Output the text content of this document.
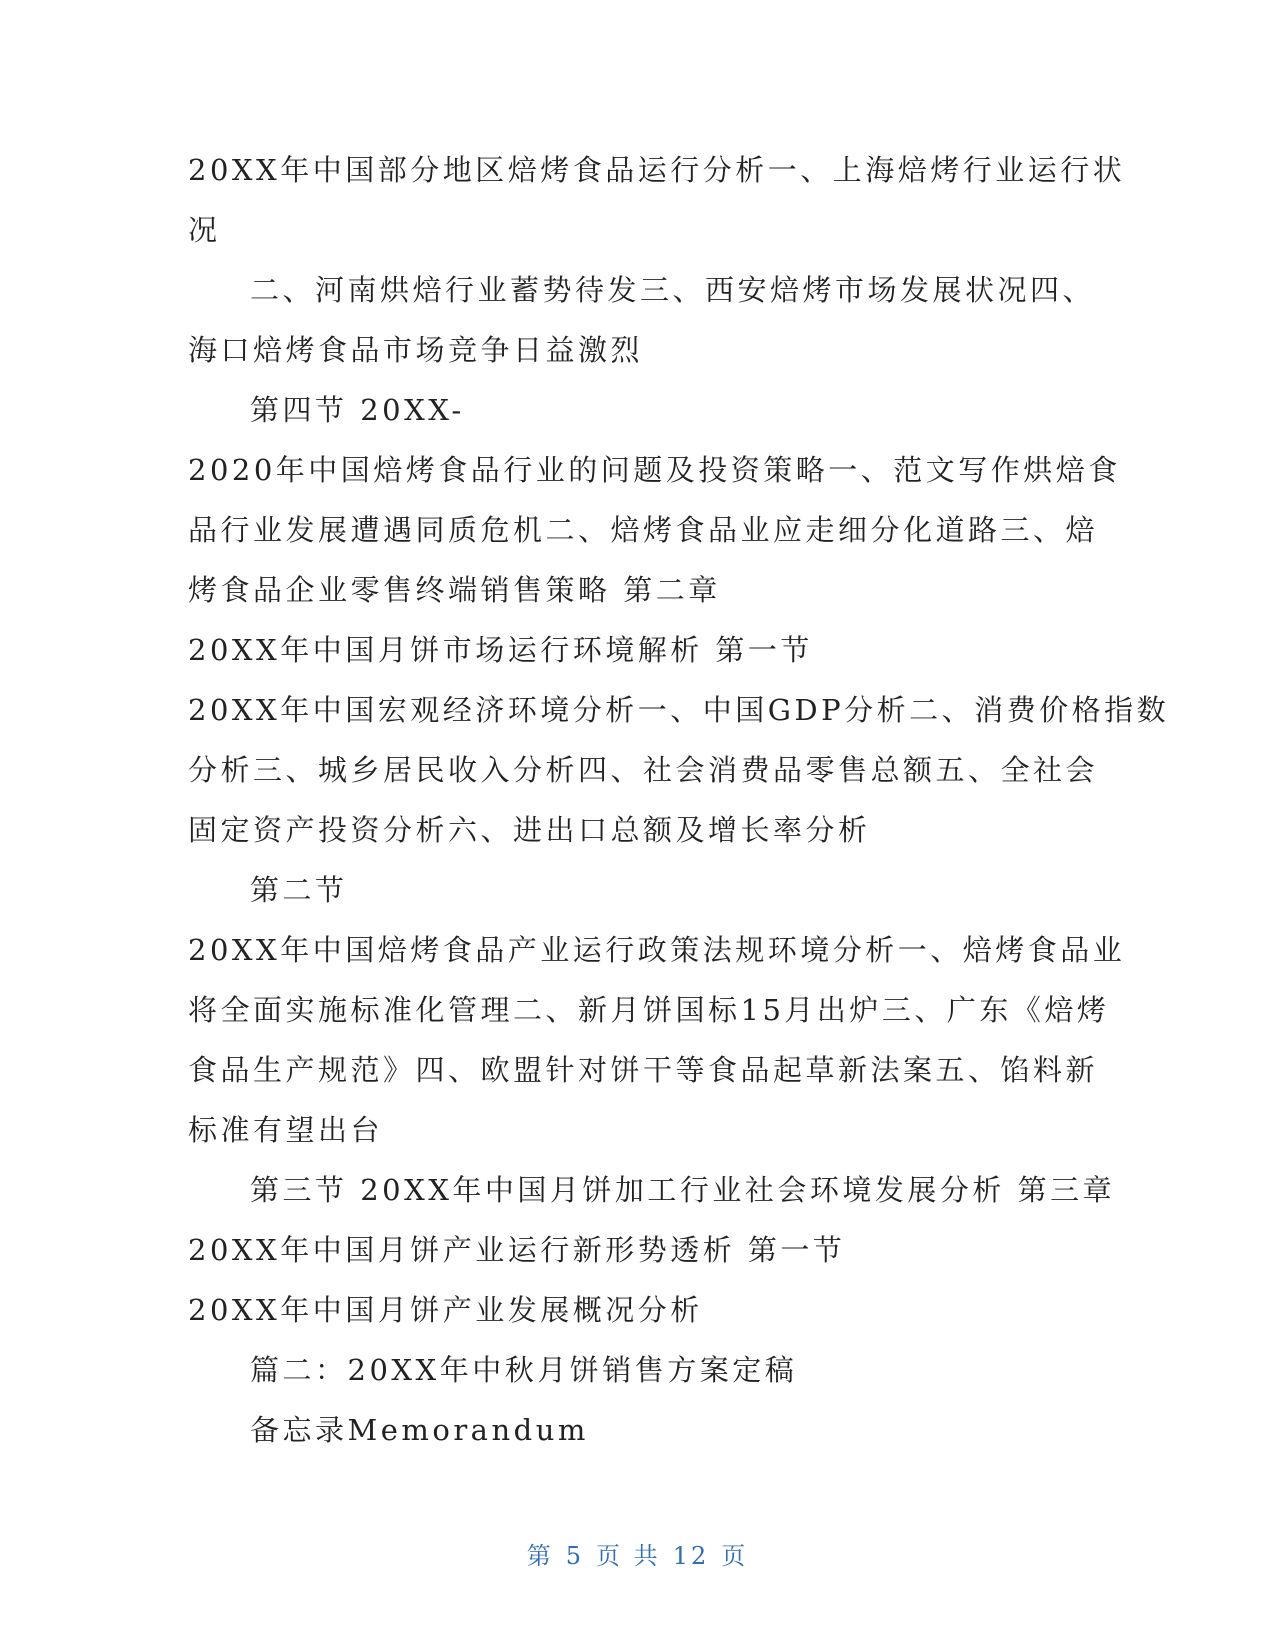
20XX年中国部分地区焙烤食品运行分析一、上海焙烤行业运行状
况
二、河南烘焙行业蓄势待发三、西安焙烤市场发展状况四、
海口焙烤食品市场竞争日益激烈
第四节 20XX-
2020年中国焙烤食品行业的问题及投资策略一、范文写作烘焙食
品行业发展遭遇同质危机二、焙烤食品业应走细分化道路三、焙
烤食品企业零售终端销售策略 第二章
20XX年中国月饼市场运行环境解析 第一节
20XX年中国宏观经济环境分析一、中国GDP分析二、消费价格指数
分析三、城乡居民收入分析四、社会消费品零售总额五、全社会
固定资产投资分析六、进出口总额及增长率分析
第二节
20XX年中国焙烤食品产业运行政策法规环境分析一、焙烤食品业
将全面实施标准化管理二、新月饼国标15月出炉三、广东《焙烤
食品生产规范》四、欧盟针对饼干等食品起草新法案五、馅料新
标准有望出台
第三节 20XX年中国月饼加工行业社会环境发展分析 第三章
20XX年中国月饼产业运行新形势透析 第一节
20XX年中国月饼产业发展概况分析
篇二：20XX年中秋月饼销售方案定稿
备忘录Memorandum
第 5 页 共 12 页
